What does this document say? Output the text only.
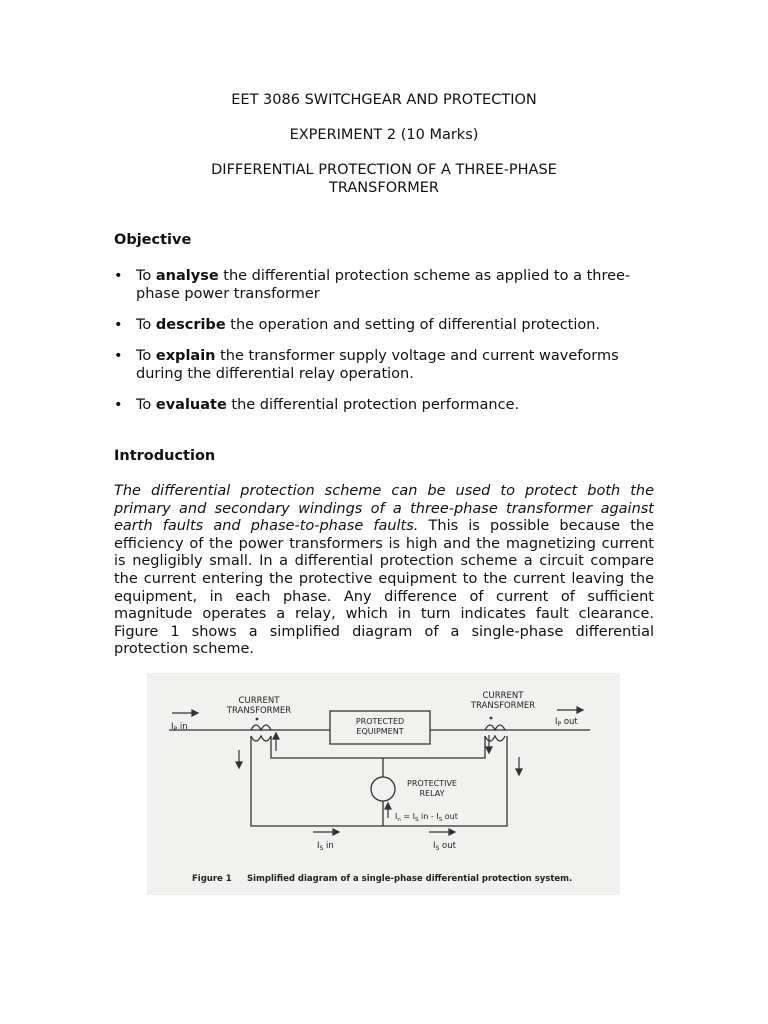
EET 3086 SWITCHGEAR AND PROTECTION
EXPERIMENT 2 (10 Marks)
DIFFERENTIAL PROTECTION OF A THREE-PHASE
TRANSFORMER
Objective
• To analyse the differential protection scheme as applied to a three-phase power transformer
• To describe the operation and setting of differential protection.
• To explain the transformer supply voltage and current waveforms during the differential relay operation.
• To evaluate the differential protection performance.
Introduction

The differential protection scheme can be used to protect both the primary and secondary windings of a three-phase transformer against earth faults and phase-to-phase faults. This is possible because the efficiency of the power transformers is high and the magnetizing current is negligibly small. In a differential protection scheme a circuit compare the current entering the protective equipment to the current leaving the equipment, in each phase. Any difference of current of sufficient magnitude operates a relay, which in turn indicates fault clearance. Figure 1 shows a simplified diagram of a single-phase differential protection scheme.

CURRENT
TRANSFORMER
CURRENT
TRANSFORMER
PROTECTED
EQUIPMENT
PROTECTIVE
RELAY
$I_P$ in	$I_P$ out
$I_n = I_S$ in - $I_S$ out
$I_S$ in	$I_S$ out
Figure 1 Simplified diagram of a single-phase differential protection system.
